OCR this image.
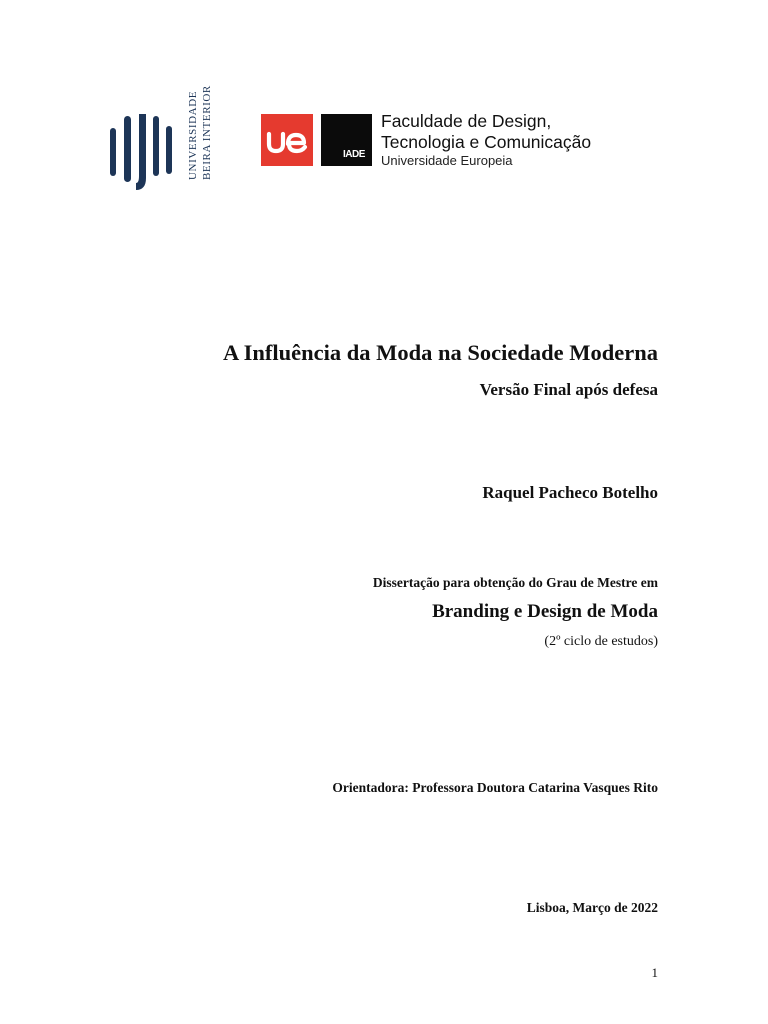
UNIVERSIDADE BEIRA INTERIOR	IADE
Faculdade de Design,
Tecnologia e Comunicação
Universidade Europeia
A Influência da Moda na Sociedade Moderna
Versão Final após defesa
Raquel Pacheco Botelho
Dissertação para obtenção do Grau de Mestre em
Branding e Design de Moda
(2º ciclo de estudos)
Orientadora: Professora Doutora Catarina Vasques Rito
Lisboa, Março de 2022
1
